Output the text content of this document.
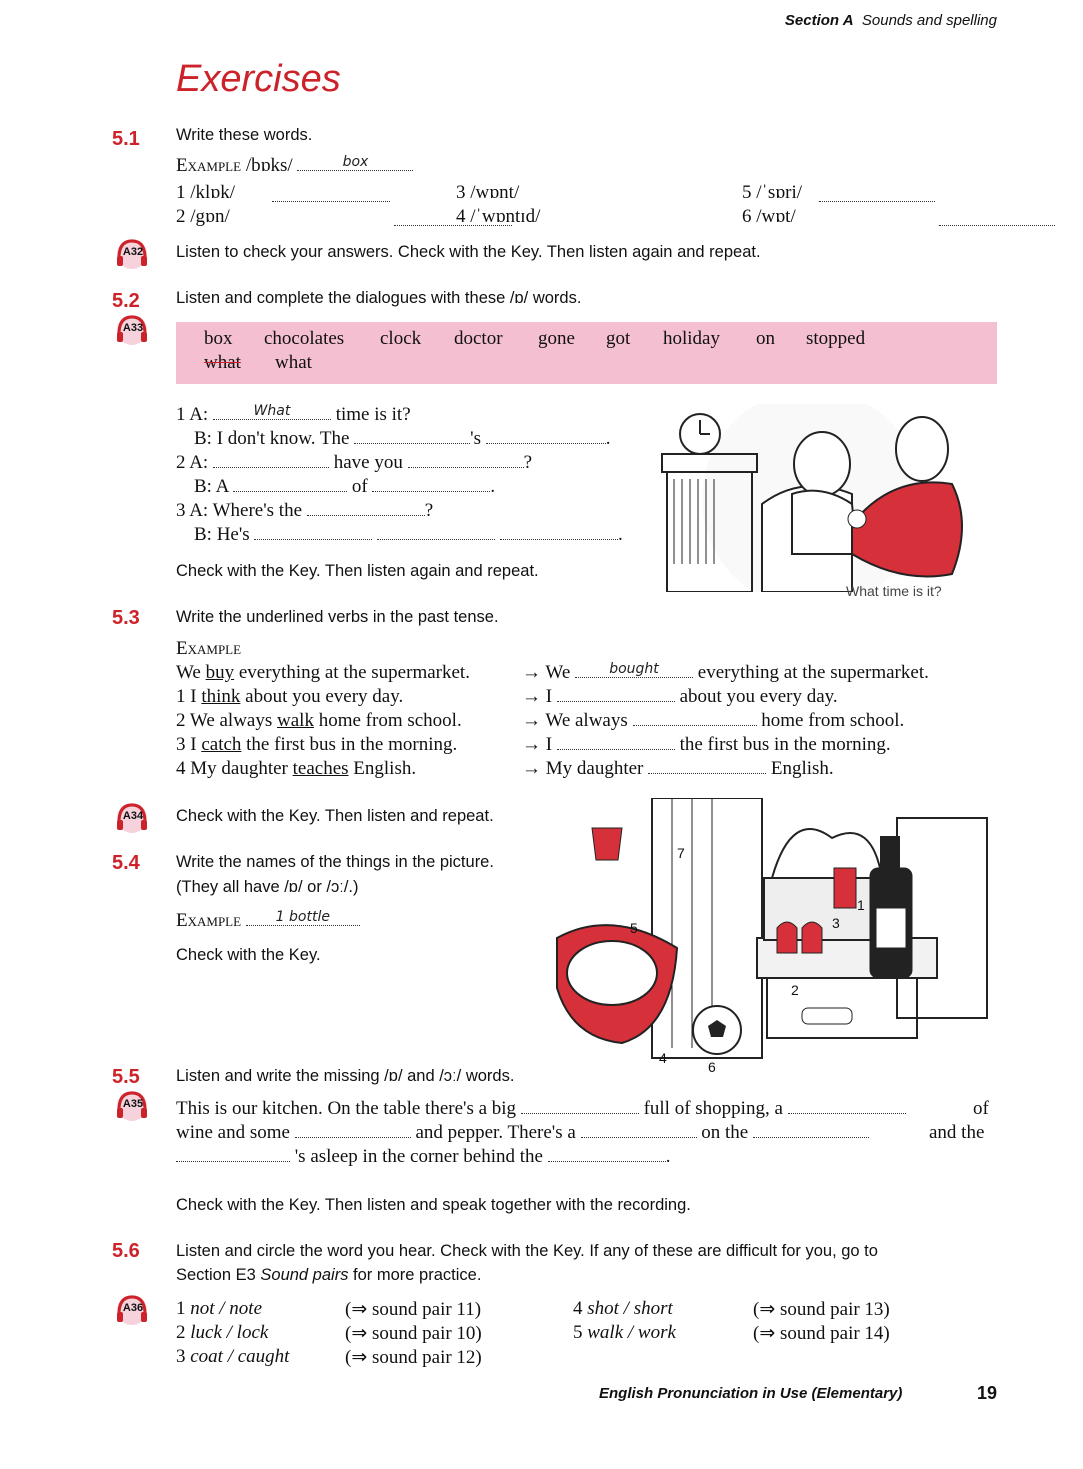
Section A Sounds and spelling
Exercises
5.1 Write these words.
Example /bɒks/	box
1 /klɒk/

2 /gɒn/

3 /wɒnt/

4 /ˈwɒntɪd/

5 /ˈsɒri/

6 /wɒt/
A32 Listen to check your answers. Check with the Key. Then listen again and repeat.
5.2 Listen and complete the dialogues with these /ɒ/ words.
A33	box chocolates clock doctor gone got holiday on stopped
what what
1 A:	What	time is it?
B: I don't know. The	's	.
2 A:	have you	?
B: A	of	.
3 A: Where's the	?
B: He's	.
Check with the Key. Then listen again and repeat.
What time is it?
5.3 Write the underlined verbs in the past tense.
Example
We buy everything at the supermarket.	→ We	bought	everything at the supermarket.
1 I think about you every day.	→ I	about you every day.
2 We always walk home from school.	→ We always	home from school.
3 I catch the first bus in the morning.	→ I	the first bus in the morning.
4 My daughter teaches English.	→ My daughter	English.
A34 Check with the Key. Then listen and repeat.
5.4 Write the names of the things in the picture.
(They all have /ɒ/ or /ɔː/.)
Example	1 bottle
Check with the Key.
1
2
3
4
5
6
7
5.5 Listen and write the missing /ɒ/ and /ɔː/ words.
A35 This is our kitchen. On the table there's a big	full of shopping, a	of
wine and some	and pepper. There's a	on the	and the
's asleep in the corner behind the	.
Check with the Key. Then listen and speak together with the recording.
5.6 Listen and circle the word you hear. Check with the Key. If any of these are difficult for you, go to
Section E3 Sound pairs for more practice.
A36 1 not / note	(⇒ sound pair 11)
2 luck / lock	(⇒ sound pair 10)
3 coat / caught	(⇒ sound pair 12)
4 shot / short	(⇒ sound pair 13)
5 walk / work	(⇒ sound pair 14)
English Pronunciation in Use (Elementary)	19
